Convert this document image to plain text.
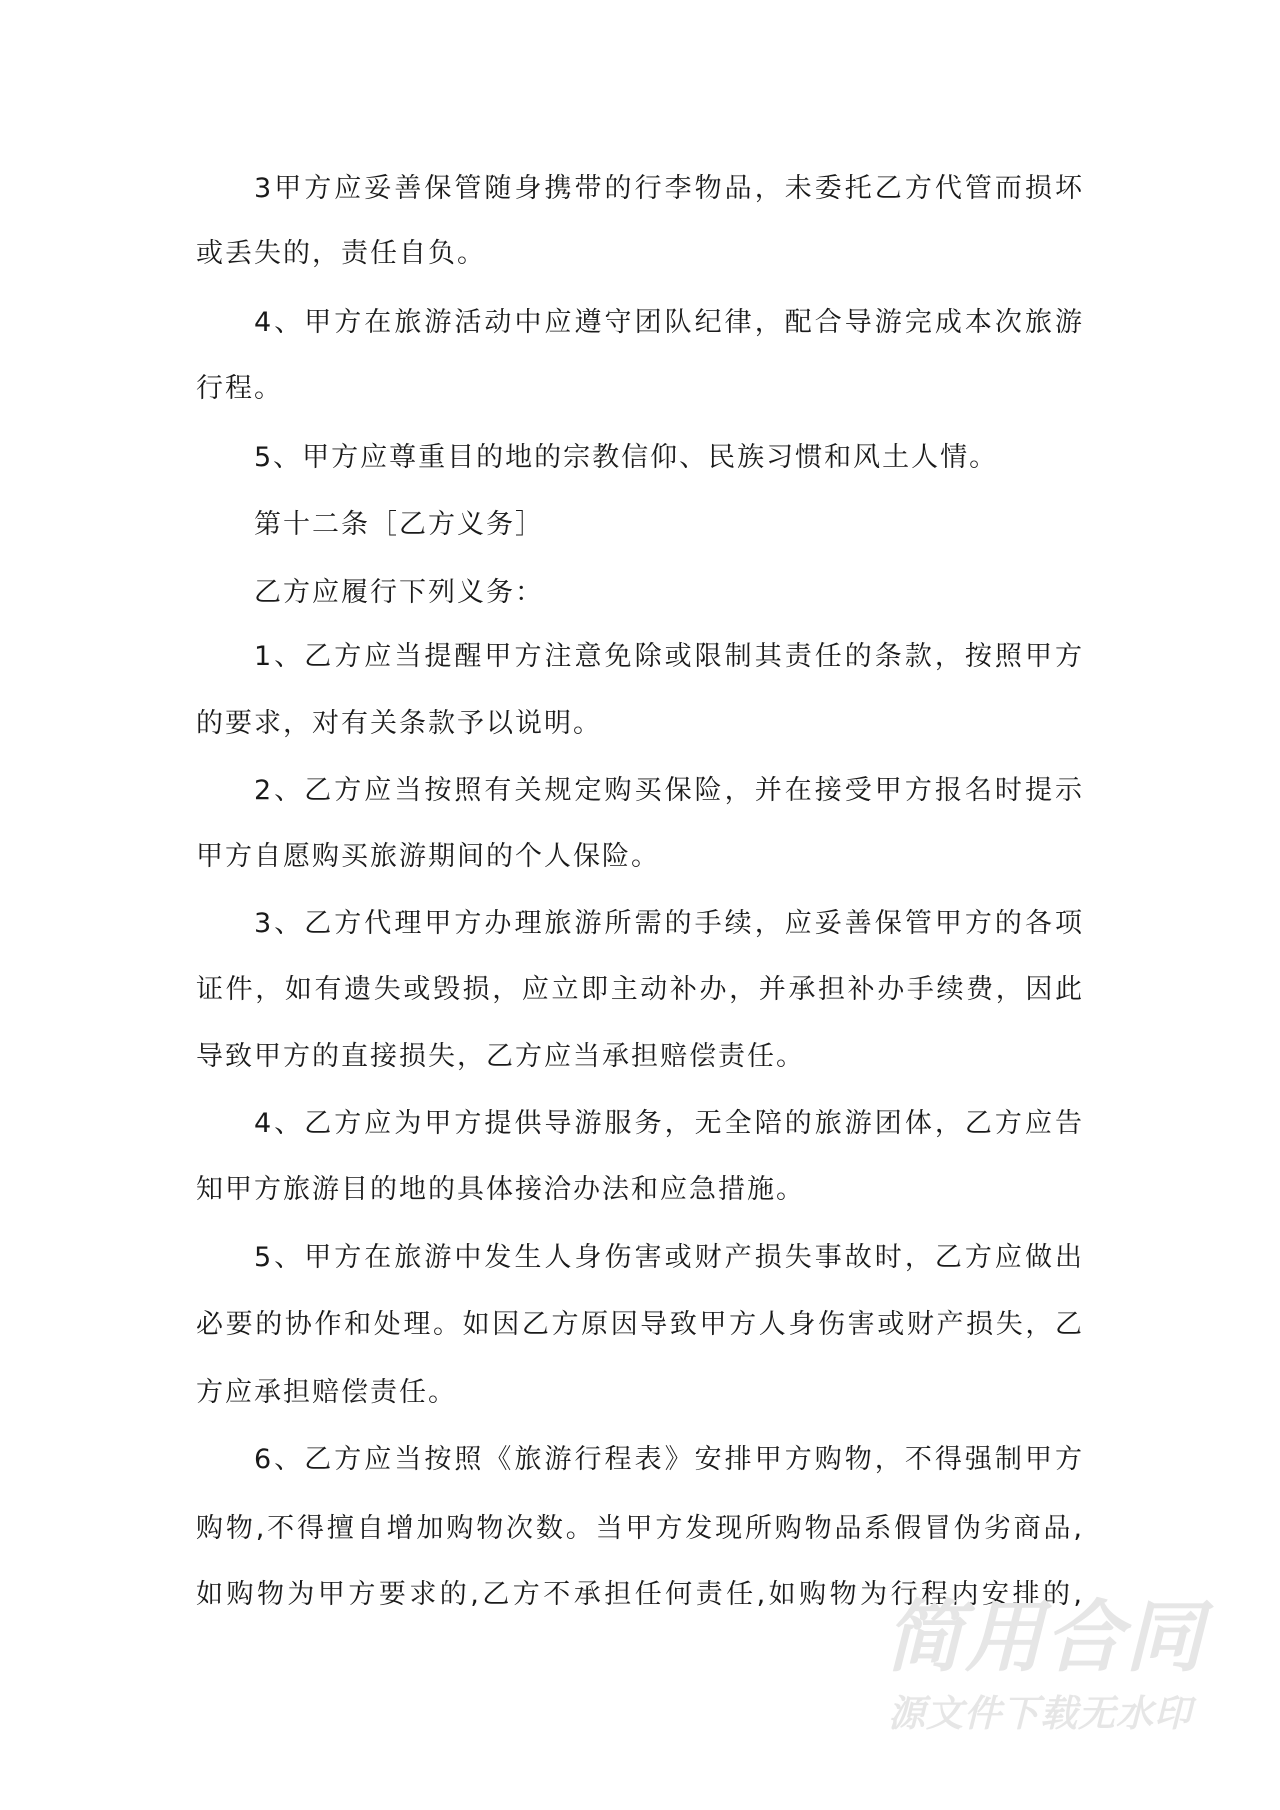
3甲方应妥善保管随身携带的行李物品，未委托乙方代管而损坏
或丢失的，责任自负。
4、甲方在旅游活动中应遵守团队纪律，配合导游完成本次旅游
行程。
5、甲方应尊重目的地的宗教信仰、民族习惯和风土人情。
第十二条［乙方义务］
乙方应履行下列义务：
1、乙方应当提醒甲方注意免除或限制其责任的条款，按照甲方
的要求，对有关条款予以说明。
2、乙方应当按照有关规定购买保险，并在接受甲方报名时提示
甲方自愿购买旅游期间的个人保险。
3、乙方代理甲方办理旅游所需的手续，应妥善保管甲方的各项
证件，如有遗失或毁损，应立即主动补办，并承担补办手续费，因此
导致甲方的直接损失，乙方应当承担赔偿责任。
4、乙方应为甲方提供导游服务，无全陪的旅游团体，乙方应告
知甲方旅游目的地的具体接洽办法和应急措施。
5、甲方在旅游中发生人身伤害或财产损失事故时，乙方应做出
必要的协作和处理。如因乙方原因导致甲方人身伤害或财产损失，乙
方应承担赔偿责任。
6、乙方应当按照《旅游行程表》安排甲方购物，不得强制甲方
购物,不得擅自增加购物次数。当甲方发现所购物品系假冒伪劣商品,
如购物为甲方要求的,乙方不承担任何责任,如购物为行程内安排的,
简用合同
源文件下载无水印
